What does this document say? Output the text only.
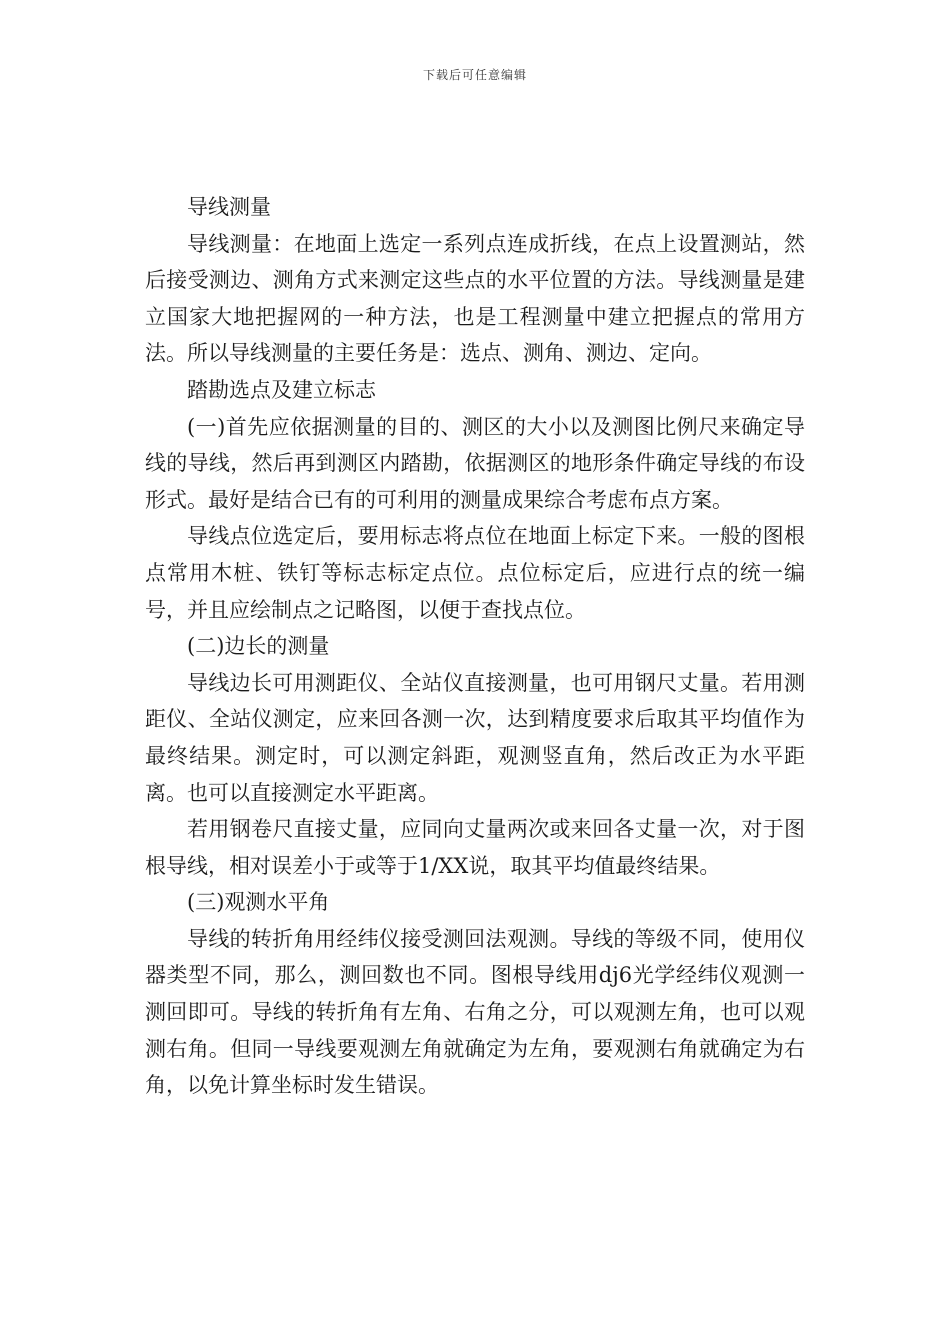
下载后可任意编辑

导线测量

导线测量：在地面上选定一系列点连成折线，在点上设置测站，然后接受测边、测角方式来测定这些点的水平位置的方法。导线测量是建立国家大地把握网的一种方法，也是工程测量中建立把握点的常用方法。所以导线测量的主要任务是：选点、测角、测边、定向。

踏勘选点及建立标志

(一)首先应依据测量的目的、测区的大小以及测图比例尺来确定导线的导线，然后再到测区内踏勘，依据测区的地形条件确定导线的布设形式。最好是结合已有的可利用的测量成果综合考虑布点方案。

导线点位选定后，要用标志将点位在地面上标定下来。一般的图根点常用木桩、铁钉等标志标定点位。点位标定后，应进行点的统一编号，并且应绘制点之记略图，以便于查找点位。

(二)边长的测量

导线边长可用测距仪、全站仪直接测量，也可用钢尺丈量。若用测距仪、全站仪测定，应来回各测一次，达到精度要求后取其平均值作为最终结果。测定时，可以测定斜距，观测竖直角，然后改正为水平距离。也可以直接测定水平距离。

若用钢卷尺直接丈量，应同向丈量两次或来回各丈量一次，对于图根导线，相对误差小于或等于1/XX说，取其平均值最终结果。

(三)观测水平角

导线的转折角用经纬仪接受测回法观测。导线的等级不同，使用仪器类型不同，那么，测回数也不同。图根导线用dj6光学经纬仪观测一测回即可。导线的转折角有左角、右角之分，可以观测左角，也可以观测右角。但同一导线要观测左角就确定为左角，要观测右角就确定为右角，以免计算坐标时发生错误。
